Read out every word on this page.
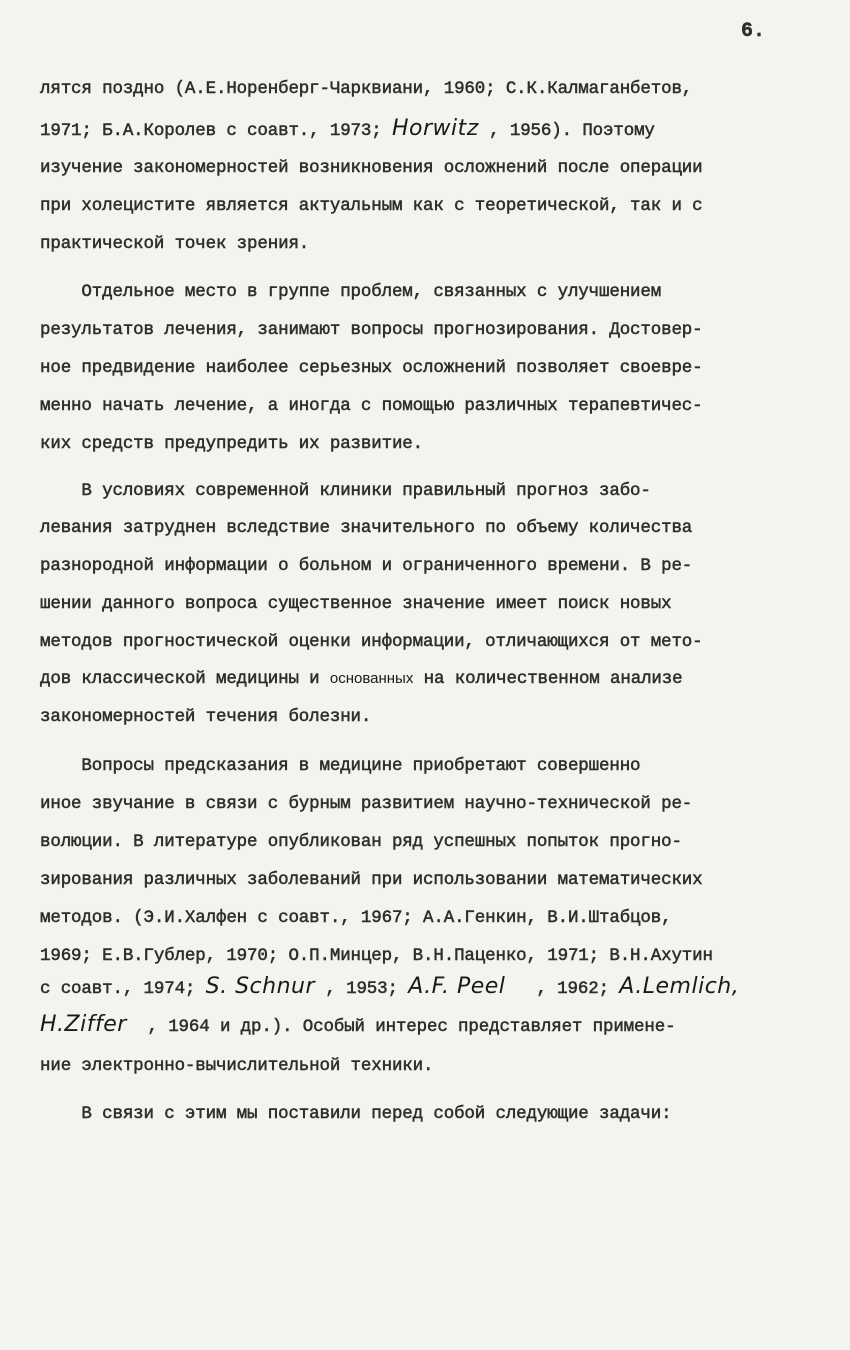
6.
лятся поздно (А.Е.Норенберг-Чарквиани, 1960; С.К.Калмаганбетов,
1971; Б.А.Королев с соавт., 1973; Horwitz , 1956). Поэтому
изучение закономерностей возникновения осложнений после операции
при холецистите является актуальным как с теоретической, так и с
практической точек зрения.
Отдельное место в группе проблем, связанных с улучшением
результатов лечения, занимают вопросы прогнозирования. Достовер-
ное предвидение наиболее серьезных осложнений позволяет своевре-
менно начать лечение, а иногда с помощью различных терапевтичес-
ких средств предупредить их развитие.
В условиях современной клиники правильный прогноз забо-
левания затруднен вследствие значительного по объему количества
разнородной информации о больном и ограниченного времени. В ре-
шении данного вопроса существенное значение имеет поиск новых
методов прогностической оценки информации, отличающихся от мето-
дов классической медицины и основанных на количественном анализе
закономерностей течения болезни.
Вопросы предсказания в медицине приобретают совершенно
иное звучание в связи с бурным развитием научно-технической ре-
волюции. В литературе опубликован ряд успешных попыток прогно-
зирования различных заболеваний при использовании математических
методов. (Э.И.Халфен с соавт., 1967; А.А.Генкин, В.И.Штабцов,
1969; Е.В.Гублер, 1970; О.П.Минцер, В.Н.Паценко, 1971; В.Н.Ахутин
с соавт., 1974; S. Schnur , 1953; A.F. Peel   , 1962; A.Lemlich,
H.Ziffer  , 1964 и др.). Особый интерес представляет примене-
ние электронно-вычислительной техники.
В связи с этим мы поставили перед собой следующие задачи:
